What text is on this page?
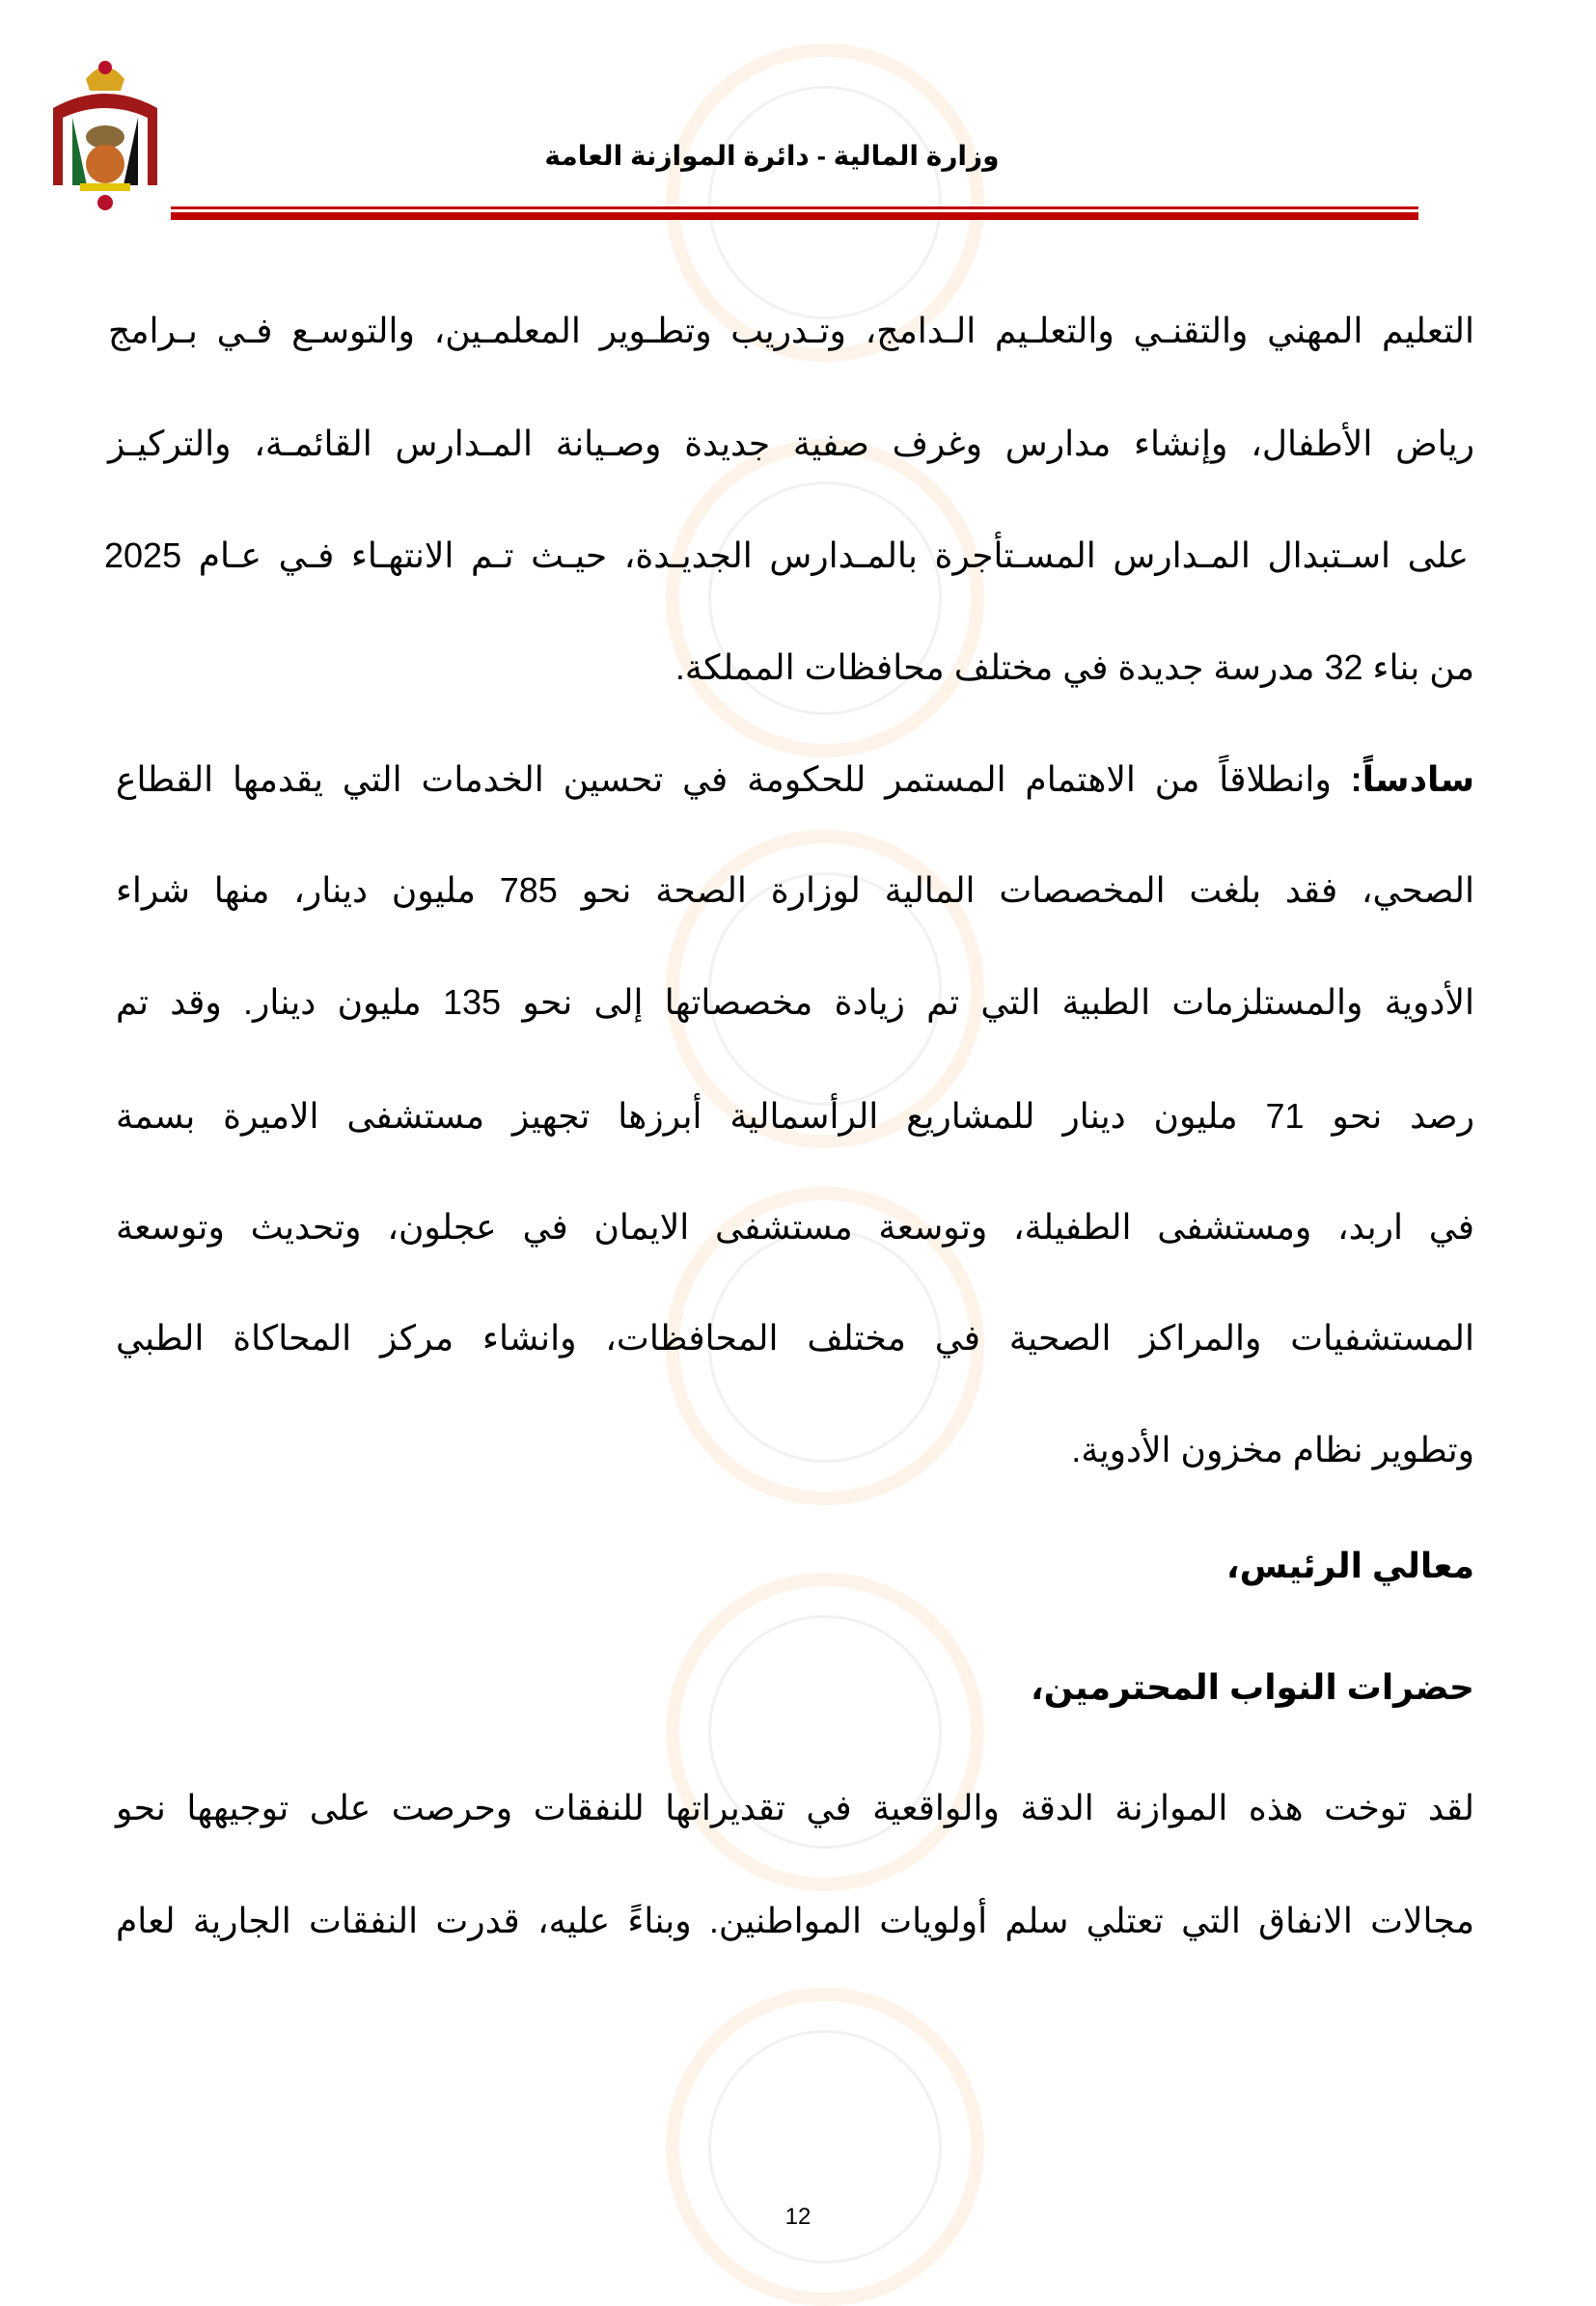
وزارة المالية - دائرة الموازنة العامة
التعليم المهني والتقنـي والتعلـيم الـدامج، وتـدريب وتطـوير المعلمـين، والتوسـع فـي بـرامج
رياض الأطفال، وإنشاء مدارس وغرف صفية جديدة وصـيانة المـدارس القائمـة، والتركيـز
على اسـتبدال المـدارس المسـتأجرة بالمـدارس الجديـدة، حيـث تـم الانتهـاء فـي عـام 2025
من بناء 32 مدرسة جديدة في مختلف محافظات المملكة.
سادساً: وانطلاقاً من الاهتمام المستمر للحكومة في تحسين الخدمات التي يقدمها القطاع
الصحي، فقد بلغت المخصصات المالية لوزارة الصحة نحو 785 مليون دينار، منها شراء
الأدوية والمستلزمات الطبية التي تم زيادة مخصصاتها إلى نحو 135 مليون دينار. وقد تم
رصد نحو 71 مليون دينار للمشاريع الرأسمالية أبرزها تجهيز مستشفى الاميرة بسمة
في اربد، ومستشفى الطفيلة، وتوسعة مستشفى الايمان في عجلون، وتحديث وتوسعة
المستشفيات والمراكز الصحية في مختلف المحافظات، وانشاء مركز المحاكاة الطبي
وتطوير نظام مخزون الأدوية.
معالي الرئيس،
حضرات النواب المحترمين،
لقد توخت هذه الموازنة الدقة والواقعية في تقديراتها للنفقات وحرصت على توجيهها نحو
مجالات الانفاق التي تعتلي سلم أولويات المواطنين. وبناءً عليه، قدرت النفقات الجارية لعام
12
